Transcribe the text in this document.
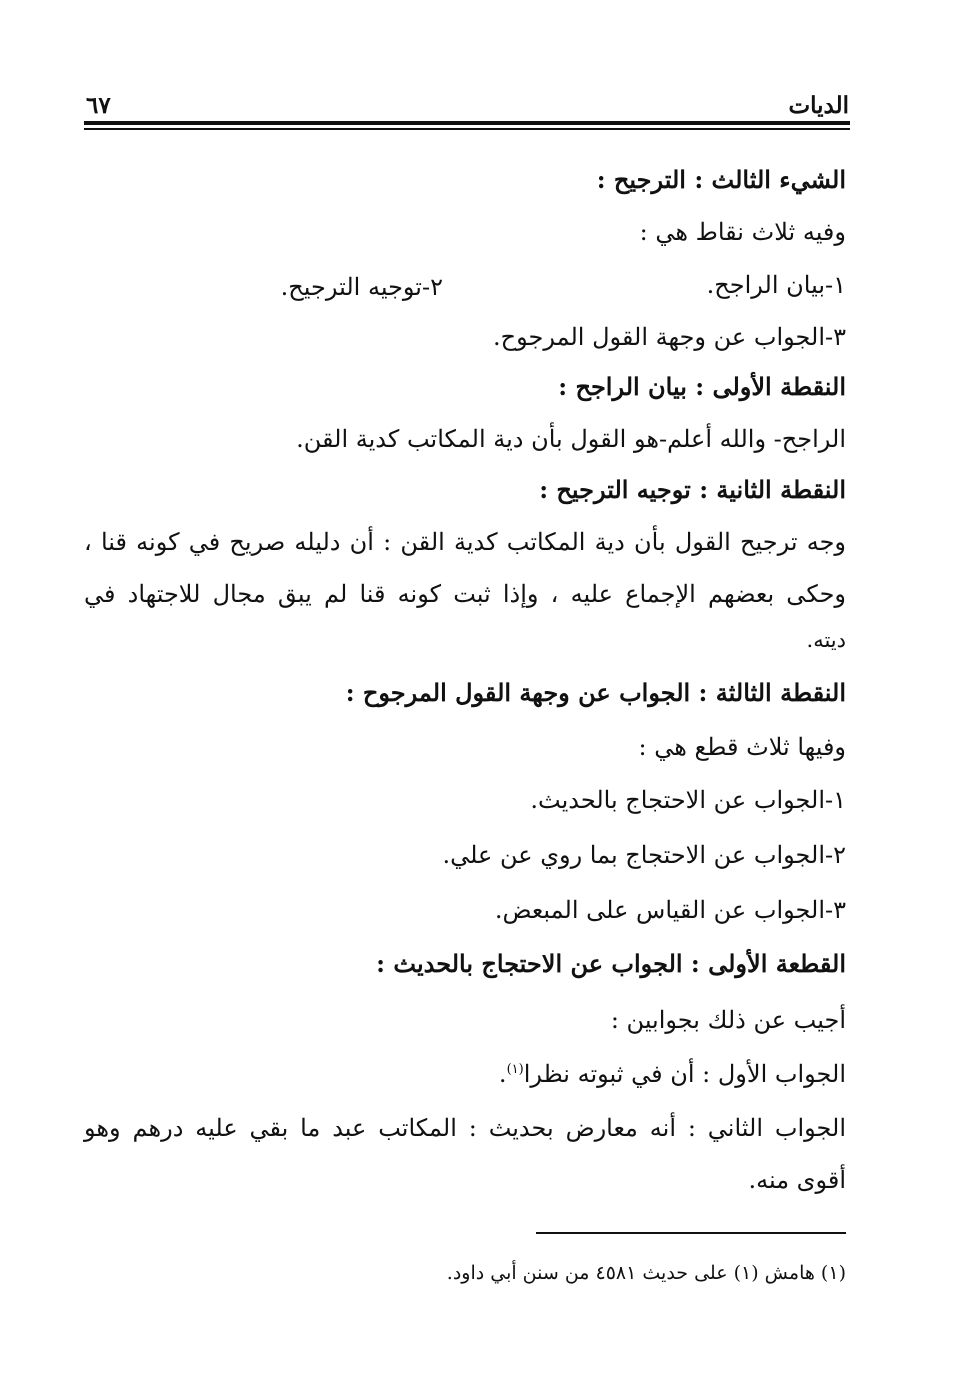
الديات
٦٧
الشيء الثالث : الترجيح :
وفيه ثلاث نقاط هي :
١-بيان الراجح.
٢-توجيه الترجيح.
٣-الجواب عن وجهة القول المرجوح.
النقطة الأولى : بيان الراجح :
الراجح- والله أعلم-هو القول بأن دية المكاتب كدية القن.
النقطة الثانية : توجيه الترجيح :
وجه ترجيح القول بأن دية المكاتب كدية القن : أن دليله صريح في كونه قنا ،
وحكى بعضهم الإجماع عليه ، وإذا ثبت كونه قنا لم يبق مجال للاجتهاد في
ديته.
النقطة الثالثة : الجواب عن وجهة القول المرجوح :
وفيها ثلاث قطع هي :
١-الجواب عن الاحتجاج بالحديث.
٢-الجواب عن الاحتجاج بما روي عن علي.
٣-الجواب عن القياس على المبعض.
القطعة الأولى : الجواب عن الاحتجاج بالحديث :
أجيب عن ذلك بجوابين :
الجواب الأول : أن في ثبوته نظرا$^{(١)}$.
الجواب الثاني : أنه معارض بحديث : المكاتب عبد ما بقي عليه درهم وهو
أقوى منه.
(١) هامش (١) على حديث ٤٥٨١ من سنن أبي داود.
